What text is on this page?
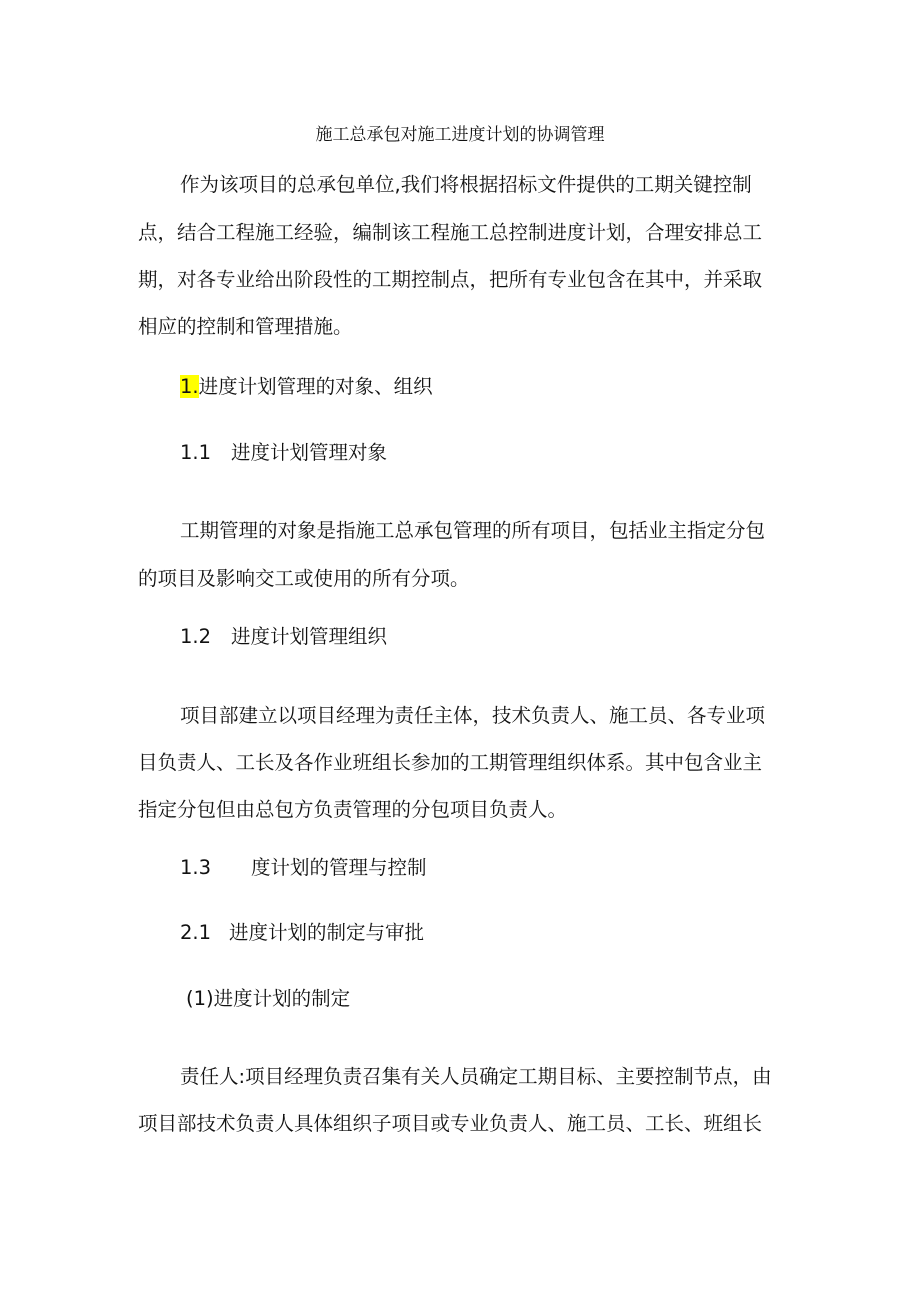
施工总承包对施工进度计划的协调管理
作为该项目的总承包单位,我们将根据招标文件提供的工期关键控制
点，结合工程施工经验，编制该工程施工总控制进度计划，合理安排总工
期，对各专业给出阶段性的工期控制点，把所有专业包含在其中，并采取
相应的控制和管理措施。
1.进度计划管理的对象、组织
1.1 进度计划管理对象
工期管理的对象是指施工总承包管理的所有项目，包括业主指定分包
的项目及影响交工或使用的所有分项。
1.2 进度计划管理组织
项目部建立以项目经理为责任主体，技术负责人、施工员、各专业项
目负责人、工长及各作业班组长参加的工期管理组织体系。其中包含业主
指定分包但由总包方负责管理的分包项目负责人。
1.3 度计划的管理与控制
2.1 进度计划的制定与审批
(1)进度计划的制定
责任人:项目经理负责召集有关人员确定工期目标、主要控制节点，由
项目部技术负责人具体组织子项目或专业负责人、施工员、工长、班组长
